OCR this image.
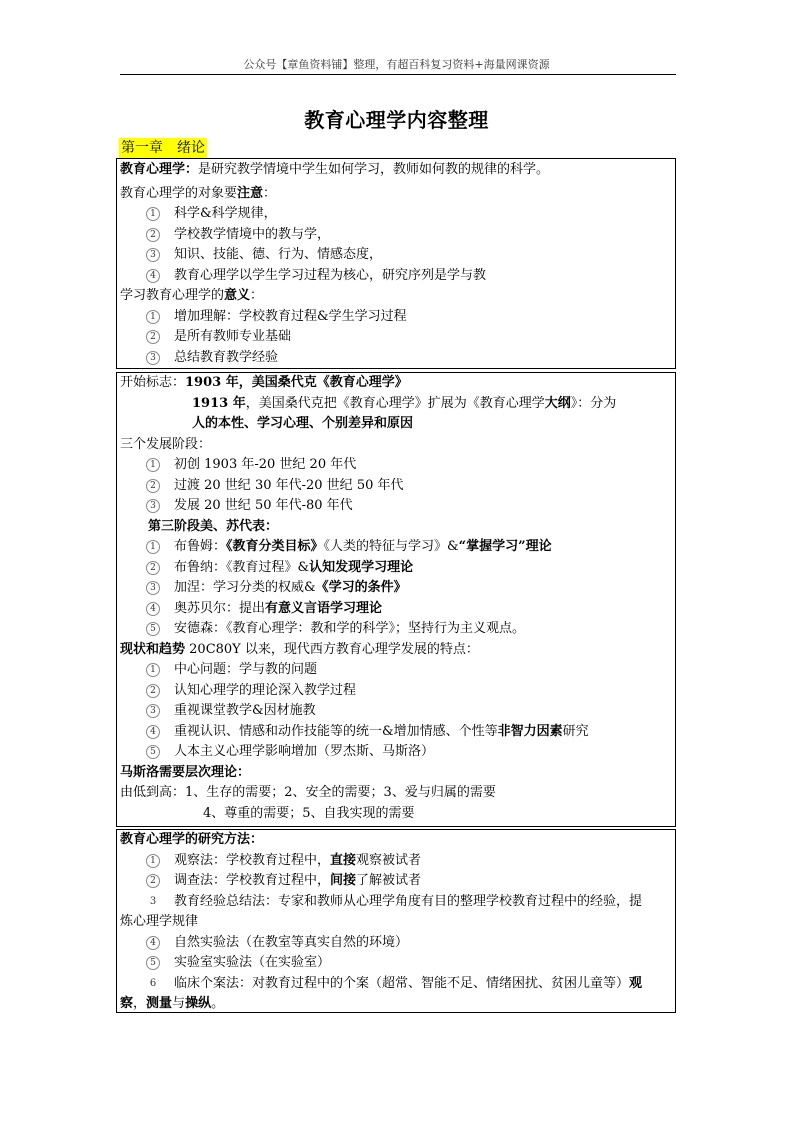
公众号【章鱼资料铺】整理，有超百科复习资料+海量网课资源
教育心理学内容整理
第一章　绪论
教育心理学：是研究教学情境中学生如何学习，教师如何教的规律的科学。
教育心理学的对象要注意：
1 科学&科学规律，
2 学校教学情境中的教与学，
3 知识、技能、德、行为、情感态度，
4 教育心理学以学生学习过程为核心，研究序列是学与教
学习教育心理学的意义：
1 增加理解：学校教育过程&学生学习过程
2 是所有教师专业基础
3 总结教育教学经验
开始标志：1903 年，美国桑代克《教育心理学》
1913 年，美国桑代克把《教育心理学》扩展为《教育心理学大纲》：分为
人的本性、学习心理、个别差异和原因
三个发展阶段：
1 初创 1903 年-20 世纪 20 年代
2 过渡 20 世纪 30 年代-20 世纪 50 年代
3 发展 20 世纪 50 年代-80 年代
第三阶段美、苏代表：
1 布鲁姆：《教育分类目标》《人类的特征与学习》&“掌握学习”理论
2 布鲁纳：《教育过程》&认知发现学习理论
3 加涅：学习分类的权威&《学习的条件》
4 奥苏贝尔：提出有意义言语学习理论
5 安德森：《教育心理学：教和学的科学》；坚持行为主义观点。
现状和趋势 20C80Y 以来，现代西方教育心理学发展的特点：
1 中心问题：学与教的问题
2 认知心理学的理论深入教学过程
3 重视课堂教学&因材施教
4 重视认识、情感和动作技能等的统一&增加情感、个性等非智力因素研究
5 人本主义心理学影响增加（罗杰斯、马斯洛）
马斯洛需要层次理论：
由低到高：1、生存的需要；2、安全的需要；3、爱与归属的需要
4、尊重的需要；5、自我实现的需要
教育心理学的研究方法：
1 观察法：学校教育过程中，直接观察被试者
2 调查法：学校教育过程中，间接了解被试者
3 教育经验总结法：专家和教师从心理学角度有目的整理学校教育过程中的经验，提
炼心理学规律
4 自然实验法（在教室等真实自然的环境）
5 实验室实验法（在实验室）
6 临床个案法：对教育过程中的个案（超常、智能不足、情绪困扰、贫困儿童等）观
察，测量与操纵。
